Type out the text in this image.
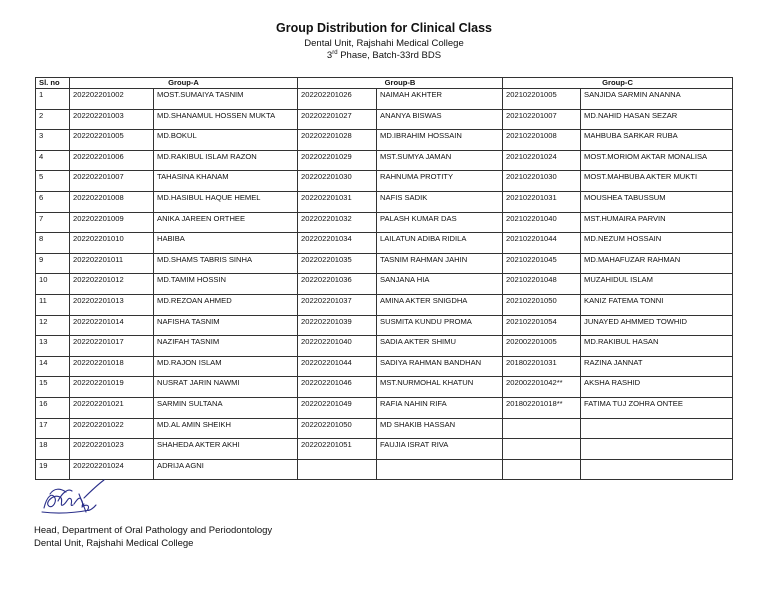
Group Distribution for Clinical Class
Dental Unit, Rajshahi Medical College
3rd Phase, Batch-33rd BDS
Sl. no	Group-A		Group-B		Group-C	
1	202202201002	MOST.SUMAIYA TASNIM	202202201026	NAIMAH AKHTER	202102201005	SANJIDA SARMIN ANANNA
2	202202201003	MD.SHANAMUL HOSSEN MUKTA	202202201027	ANANYA BISWAS	202102201007	MD.NAHID HASAN SEZAR
3	202202201005	MD.BOKUL	202202201028	MD.IBRAHIM HOSSAIN	202102201008	MAHBUBA SARKAR RUBA
4	202202201006	MD.RAKIBUL ISLAM RAZON	202202201029	MST.SUMYA JAMAN	202102201024	MOST.MORIOM AKTAR MONALISA
5	202202201007	TAHASINA KHANAM	202202201030	RAHNUMA PROTITY	202102201030	MOST.MAHBUBA AKTER MUKTI
6	202202201008	MD.HASIBUL HAQUE HEMEL	202202201031	NAFIS SADIK	202102201031	MOUSHEA TABUSSUM
7	202202201009	ANIKA JAREEN ORTHEE	202202201032	PALASH KUMAR DAS	202102201040	MST.HUMAIRA PARVIN
8	202202201010	HABIBA	202202201034	LAILATUN ADIBA RIDILA	202102201044	MD.NEZUM HOSSAIN
9	202202201011	MD.SHAMS TABRIS SINHA	202202201035	TASNIM RAHMAN JAHIN	202102201045	MD.MAHAFUZAR RAHMAN
10	202202201012	MD.TAMIM HOSSIN	202202201036	SANJANA HIA	202102201048	MUZAHIDUL ISLAM
11	202202201013	MD.REZOAN AHMED	202202201037	AMINA AKTER SNIGDHA	202102201050	KANIZ FATEMA TONNI
12	202202201014	NAFISHA TASNIM	202202201039	SUSMITA KUNDU PROMA	202102201054	JUNAYED AHMMED TOWHID
13	202202201017	NAZIFAH TASNIM	202202201040	SADIA AKTER SHIMU	202002201005	MD.RAKIBUL HASAN
14	202202201018	MD.RAJON ISLAM	202202201044	SADIYA RAHMAN BANDHAN	201802201031	RAZINA JANNAT
15	202202201019	NUSRAT JARIN NAWMI	202202201046	MST.NURMOHAL KHATUN	202002201042**	AKSHA RASHID
16	202202201021	SARMIN SULTANA	202202201049	RAFIA NAHIN RIFA	201802201018**	FATIMA TUJ ZOHRA ONTEE
17	202202201022	MD.AL AMIN SHEIKH	202202201050	MD SHAKIB HASSAN		
18	202202201023	SHAHEDA AKTER AKHI	202202201051	FAUJIA ISRAT RIVA		
19	202202201024	ADRIJA AGNI				
Head, Department of Oral Pathology and Periodontology
Dental Unit, Rajshahi Medical College
